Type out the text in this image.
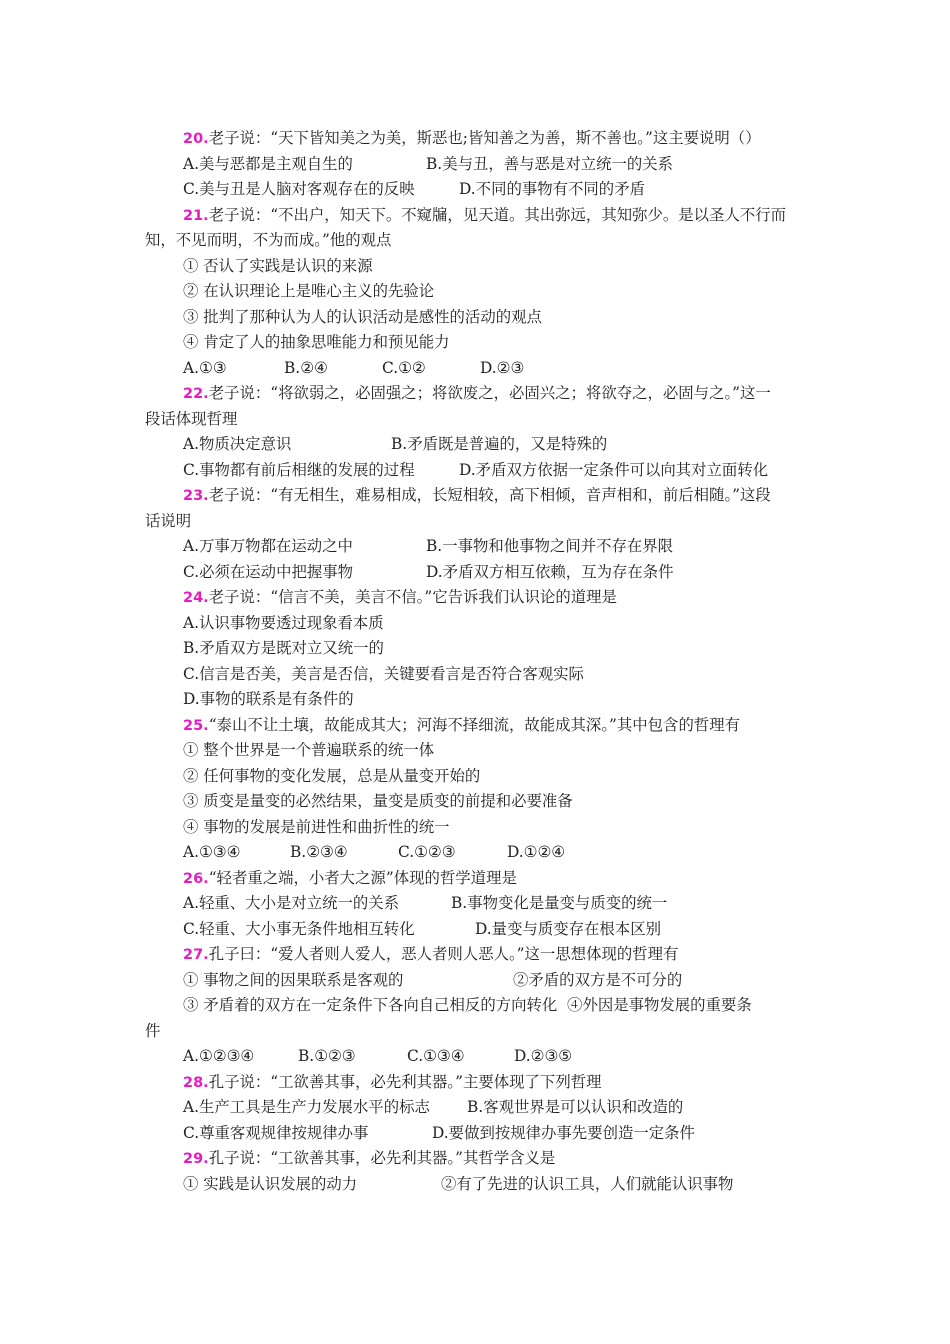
20.老子说：“天下皆知美之为美，斯恶也;皆知善之为善，斯不善也。”这主要说明（）
A.美与恶都是主观自生的	B.美与丑，善与恶是对立统一的关系
C.美与丑是人脑对客观存在的反映	D.不同的事物有不同的矛盾
21.老子说：“不出户，知天下。不窥牖，见天道。其出弥远，其知弥少。是以圣人不行而
知，不见而明，不为而成。”他的观点
① 否认了实践是认识的来源
② 在认识理论上是唯心主义的先验论
③ 批判了那种认为人的认识活动是感性的活动的观点
④ 肯定了人的抽象思唯能力和预见能力
A.①③	B.②④	C.①②	D.②③
22.老子说：“将欲弱之，必固强之；将欲废之，必固兴之；将欲夺之，必固与之。”这一
段话体现哲理
A.物质决定意识	B.矛盾既是普遍的，又是特殊的
C.事物都有前后相继的发展的过程	D.矛盾双方依据一定条件可以向其对立面转化
23.老子说：“有无相生，难易相成，长短相较，高下相倾，音声相和，前后相随。”这段
话说明
A.万事万物都在运动之中	B.一事物和他事物之间并不存在界限
C.必须在运动中把握事物	D.矛盾双方相互依赖，互为存在条件
24.老子说：“信言不美，美言不信。”它告诉我们认识论的道理是
A.认识事物要透过现象看本质
B.矛盾双方是既对立又统一的
C.信言是否美，美言是否信，关键要看言是否符合客观实际
D.事物的联系是有条件的
25.“泰山不让土壤，故能成其大；河海不择细流，故能成其深。”其中包含的哲理有
① 整个世界是一个普遍联系的统一体
② 任何事物的变化发展，总是从量变开始的
③ 质变是量变的必然结果，量变是质变的前提和必要准备
④ 事物的发展是前进性和曲折性的统一
A.①③④	B.②③④	C.①②③	D.①②④
26.“轻者重之端，小者大之源”体现的哲学道理是
A.轻重、大小是对立统一的关系	B.事物变化是量变与质变的统一
C.轻重、大小事无条件地相互转化	D.量变与质变存在根本区别
27.孔子曰：“爱人者则人爱人，恶人者则人恶人。”这一思想体现的哲理有
① 事物之间的因果联系是客观的	②矛盾的双方是不可分的
③ 矛盾着的双方在一定条件下各向自己相反的方向转化  ④外因是事物发展的重要条
件
A.①②③④	B.①②③	C.①③④	D.②③⑤
28.孔子说：“工欲善其事，必先利其器。”主要体现了下列哲理
A.生产工具是生产力发展水平的标志 B.客观世界是可以认识和改造的
C.尊重客观规律按规律办事	D.要做到按规律办事先要创造一定条件
29.孔子说：“工欲善其事，必先利其器。”其哲学含义是
① 实践是认识发展的动力	②有了先进的认识工具，人们就能认识事物
